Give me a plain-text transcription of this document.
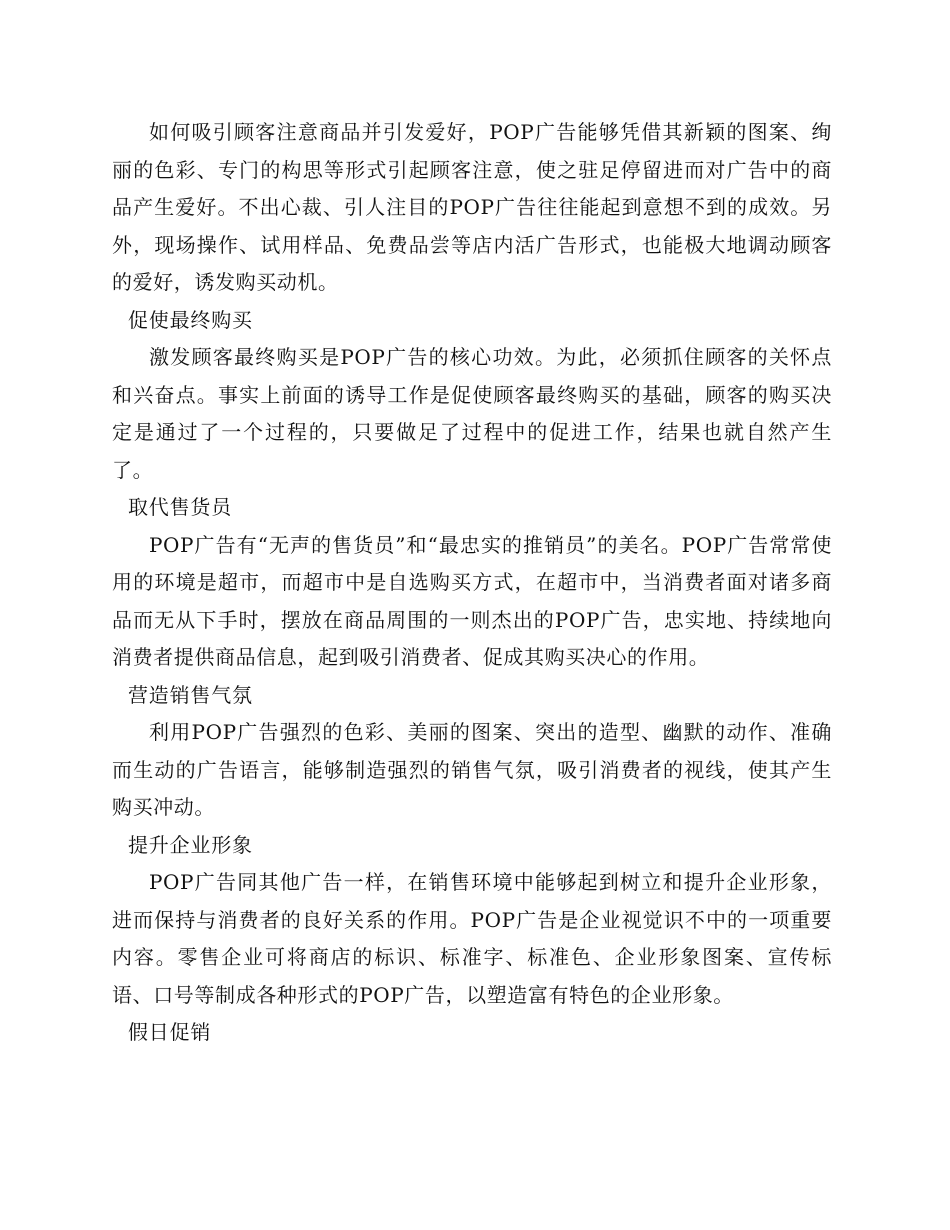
如何吸引顾客注意商品并引发爱好，POP广告能够凭借其新颖的图案、绚丽的色彩、专门的构思等形式引起顾客注意，使之驻足停留进而对广告中的商品产生爱好。不出心裁、引人注目的POP广告往往能起到意想不到的成效。另外，现场操作、试用样品、免费品尝等店内活广告形式，也能极大地调动顾客的爱好，诱发购买动机。

促使最终购买

激发顾客最终购买是POP广告的核心功效。为此，必须抓住顾客的关怀点和兴奋点。事实上前面的诱导工作是促使顾客最终购买的基础，顾客的购买决定是通过了一个过程的，只要做足了过程中的促进工作，结果也就自然产生了。

取代售货员

POP广告有“无声的售货员”和“最忠实的推销员”的美名。POP广告常常使用的环境是超市，而超市中是自选购买方式，在超市中，当消费者面对诸多商品而无从下手时，摆放在商品周围的一则杰出的POP广告，忠实地、持续地向消费者提供商品信息，起到吸引消费者、促成其购买决心的作用。

营造销售气氛

利用POP广告强烈的色彩、美丽的图案、突出的造型、幽默的动作、准确而生动的广告语言，能够制造强烈的销售气氛，吸引消费者的视线，使其产生购买冲动。

提升企业形象

POP广告同其他广告一样，在销售环境中能够起到树立和提升企业形象，进而保持与消费者的良好关系的作用。POP广告是企业视觉识不中的一项重要内容。零售企业可将商店的标识、标准字、标准色、企业形象图案、宣传标语、口号等制成各种形式的POP广告，以塑造富有特色的企业形象。

假日促销
